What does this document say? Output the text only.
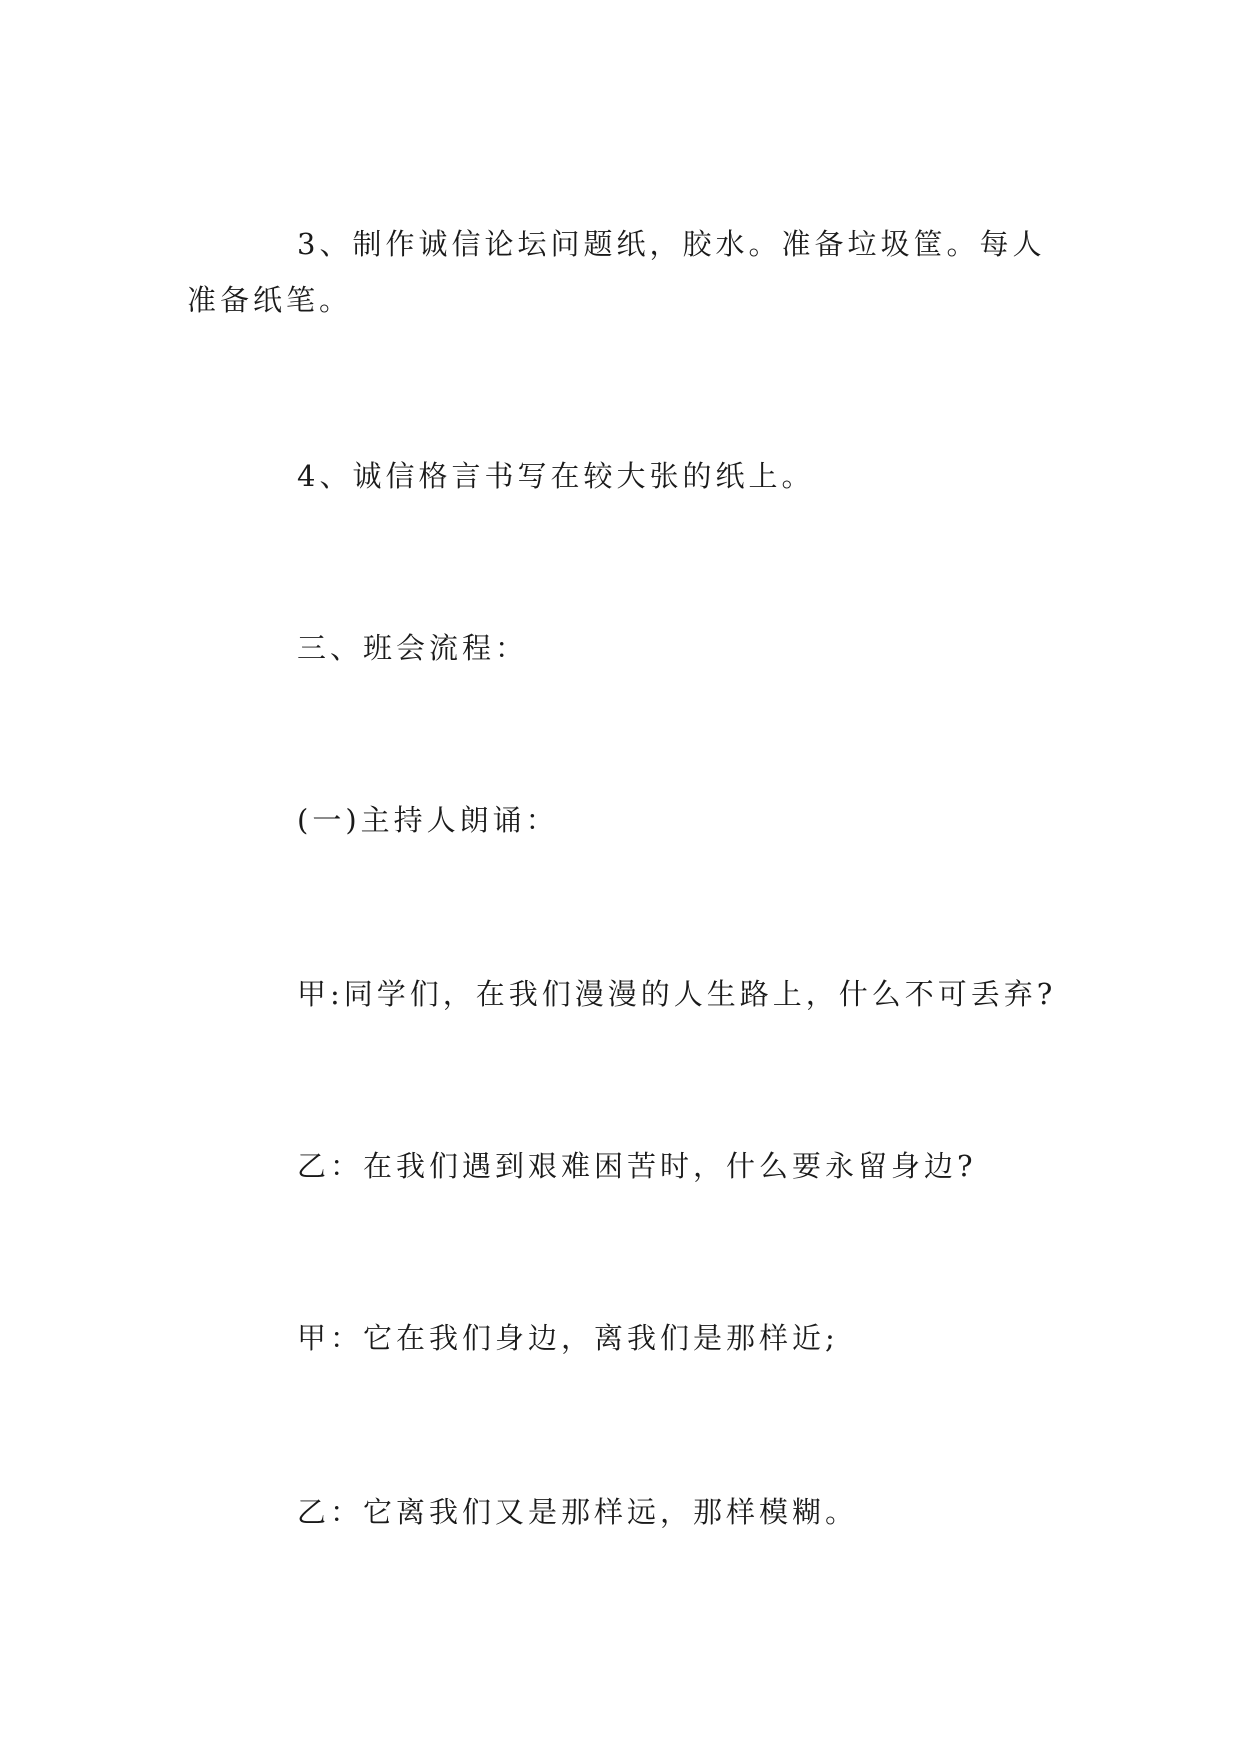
3、制作诚信论坛问题纸，胶水。准备垃圾筐。每人
准备纸笔。

4、诚信格言书写在较大张的纸上。

三、班会流程：

(一)主持人朗诵：

甲:同学们，在我们漫漫的人生路上，什么不可丢弃?

乙：在我们遇到艰难困苦时，什么要永留身边?

甲：它在我们身边，离我们是那样近;

乙：它离我们又是那样远，那样模糊。
